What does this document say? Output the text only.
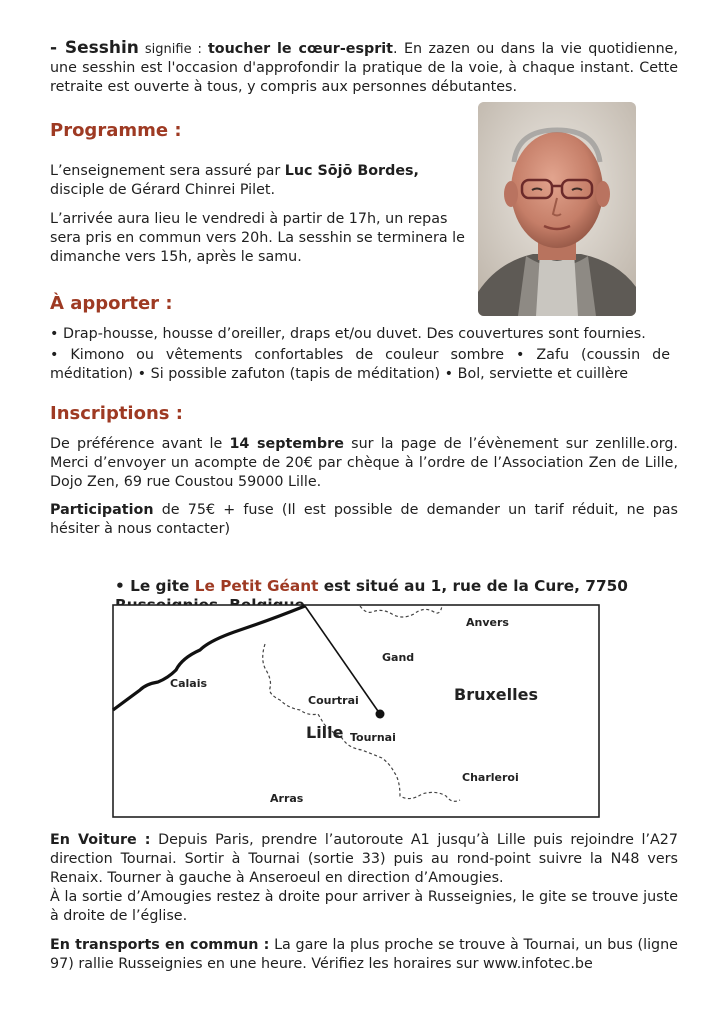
- Sesshin signifie : toucher le cœur-esprit. En zazen ou dans la vie quotidienne, une sesshin est l'occasion d'approfondir la pratique de la voie, à chaque instant. Cette retraite est ouverte à tous, y compris aux personnes débutantes.

Programme :

L’enseignement sera assuré par Luc Sōjō Bordes, disciple de Gérard Chinrei Pilet.

L’arrivée aura lieu le vendredi à partir de 17h, un repas sera pris en commun vers 20h. La sesshin se terminera le dimanche vers 15h, après le samu.

À apporter :

• Drap-housse, housse d’oreiller, draps et/ou duvet. Des couvertures sont fournies.

• Kimono ou vêtements confortables de couleur sombre • Zafu (coussin de méditation) • Si possible zafuton (tapis de méditation) • Bol, serviette et cuillère

Inscriptions :

De préférence avant le 14 septembre sur la page de l’évènement sur zenlille.org. Merci d’envoyer un acompte de 20€ par chèque à l’ordre de l’Association Zen de Lille, Dojo Zen, 69 rue Coustou 59000 Lille.

Participation de 75€ + fuse (Il est possible de demander un tarif réduit, ne pas hésiter à nous contacter)

• Le gite Le Petit Géant est situé au 1, rue de la Cure, 7750

Anvers
Gand
Calais
Courtrai	Bruxelles
Lille Tournai
Charleroi
Arras

En Voiture : Depuis Paris, prendre l’autoroute A1 jusqu’à Lille puis rejoindre l’A27 direction Tournai. Sortir à Tournai (sortie 33) puis au rond-point suivre la N48 vers Renaix. Tourner à gauche à Anseroeul en direction d’Amougies.

À la sortie d’Amougies restez à droite pour arriver à Russeignies, le gite se trouve juste à droite de l’église.

En transports en commun : La gare la plus proche se trouve à Tournai, un bus (ligne 97) rallie Russeignies en une heure. Vérifiez les horaires sur www.infotec.be
